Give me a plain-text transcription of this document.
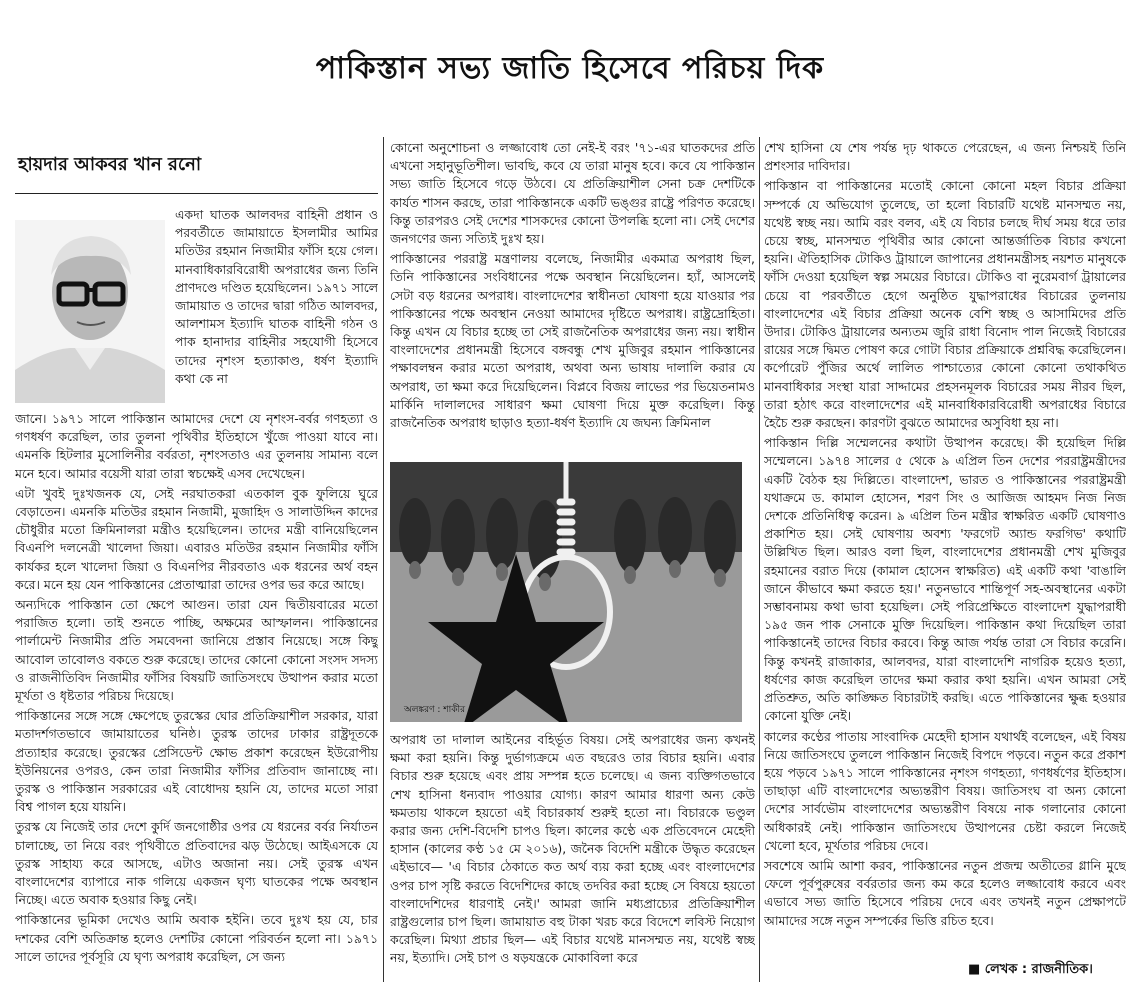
পাকিস্তান সভ্য জাতি হিসেবে পরিচয় দিক
হায়দার আকবর খান রনো
একদা ঘাতক আলবদর বাহিনী প্রধান ও পরবর্তীতে জামায়াতে ইসলামীর আমির মতিউর রহমান নিজামীর ফাঁসি হয়ে গেল। মানবাধিকারবিরোধী অপরাধের জন্য তিনি প্রাণদণ্ডে দণ্ডিত হয়েছিলেন। ১৯৭১ সালে জামায়াত ও তাদের দ্বারা গঠিত আলবদর, আলশামস ইত্যাদি ঘাতক বাহিনী গঠন ও পাক হানাদার বাহিনীর সহযোগী হিসেবে তাদের নৃশংস হত্যাকাণ্ড, ধর্ষণ ইত্যাদি কথা কে না

জানে। ১৯৭১ সালে পাকিস্তান আমাদের দেশে যে নৃশংস-বর্বর গণহত্যা ও গণধর্ষণ করেছিল, তার তুলনা পৃথিবীর ইতিহাসে খুঁজে পাওয়া যাবে না। এমনকি হিটলার মুসোলিনীর বর্বরতা, নৃশংসতাও এর তুলনায় সামান্য বলে মনে হবে। আমার বয়েসী যারা তারা স্বচক্ষেই এসব দেখেছেন।

এটা খুবই দুঃখজনক যে, সেই নরঘাতকরা এতকাল বুক ফুলিয়ে ঘুরে বেড়াতেন। এমনকি মতিউর রহমান নিজামী, মুজাহিদ ও সালাউদ্দিন কাদের চৌধুরীর মতো ক্রিমিনালরা মন্ত্রীও হয়েছিলেন। তাদের মন্ত্রী বানিয়েছিলেন বিএনপি দলনেত্রী খালেদা জিয়া। এবারও মতিউর রহমান নিজামীর ফাঁসি কার্যকর হলে খালেদা জিয়া ও বিএনপির নীরবতাও এক ধরনের অর্থ বহন করে। মনে হয় যেন পাকিস্তানের প্রেতাত্মারা তাদের ওপর ভর করে আছে।

অন্যদিকে পাকিস্তান তো ক্ষেপে আগুন। তারা যেন দ্বিতীয়বারের মতো পরাজিত হলো। তাই শুনতে পাচ্ছি, অক্ষমের আস্ফালন। পাকিস্তানের পার্লামেন্ট নিজামীর প্রতি সমবেদনা জানিয়ে প্রস্তাব নিয়েছে। সঙ্গে কিছু আবোল তাবোলও বকতে শুরু করেছে। তাদের কোনো কোনো সংসদ সদস্য ও রাজনীতিবিদ নিজামীর ফাঁসির বিষয়টি জাতিসংঘে উত্থাপন করার মতো মূর্খতা ও ধৃষ্টতার পরিচয় দিয়েছে।

পাকিস্তানের সঙ্গে সঙ্গে ক্ষেপেছে তুরস্কের ঘোর প্রতিক্রিয়াশীল সরকার, যারা মতাদর্শগতভাবে জামায়াতের ঘনিষ্ঠ। তুরস্ক তাদের ঢাকার রাষ্ট্রদূতকে প্রত্যাহার করেছে। তুরস্কের প্রেসিডেন্ট ক্ষোভ প্রকাশ করেছেন ইউরোপীয় ইউনিয়নের ওপরও, কেন তারা নিজামীর ফাঁসির প্রতিবাদ জানাচ্ছে না। তুরস্ক ও পাকিস্তান সরকারের এই বোধোদয় হয়নি যে, তাদের মতো সারা বিশ্ব পাগল হয়ে যায়নি।

তুরস্ক যে নিজেই তার দেশে কুর্দি জনগোষ্ঠীর ওপর যে ধরনের বর্বর নির্যাতন চালাচ্ছে, তা নিয়ে বরং পৃথিবীতে প্রতিবাদের ঝড় উঠেছে। আইএসকে যে তুরস্ক সাহায্য করে আসছে, এটাও অজানা নয়। সেই তুরস্ক এখন বাংলাদেশের ব্যাপারে নাক গলিয়ে একজন ঘৃণ্য ঘাতকের পক্ষে অবস্থান নিচ্ছে। এতে অবাক হওয়ার কিছু নেই।

পাকিস্তানের ভূমিকা দেখেও আমি অবাক হইনি। তবে দুঃখ হয় যে, চার দশকের বেশি অতিক্রান্ত হলেও দেশটির কোনো পরিবর্তন হলো না। ১৯৭১ সালে তাদের পূর্বসূরি যে ঘৃণ্য অপরাধ করেছিল, সে জন্য

কোনো অনুশোচনা ও লজ্জাবোধ তো নেই-ই বরং '৭১-এর ঘাতকদের প্রতি এখনো সহানুভূতিশীল। ভাবছি, কবে যে তারা মানুষ হবে। কবে যে পাকিস্তান সভ্য জাতি হিসেবে গড়ে উঠবে। যে প্রতিক্রিয়াশীল সেনা চক্র দেশটিকে কার্যত শাসন করছে, তারা পাকিস্তানকে একটি ভঙ্গুর রাষ্ট্রে পরিণত করেছে। কিন্তু তারপরও সেই দেশের শাসকদের কোনো উপলব্ধি হলো না। সেই দেশের জনগণের জন্য সত্যিই দুঃখ হয়।

পাকিস্তানের পররাষ্ট্র মন্ত্রণালয় বলেছে, নিজামীর একমাত্র অপরাধ ছিল, তিনি পাকিস্তানের সংবিধানের পক্ষে অবস্থান নিয়েছিলেন। হ্যাঁ, আসলেই সেটা বড় ধরনের অপরাধ। বাংলাদেশের স্বাধীনতা ঘোষণা হয়ে যাওয়ার পর পাকিস্তানের পক্ষে অবস্থান নেওয়া আমাদের দৃষ্টিতে অপরাধ। রাষ্ট্রদ্রোহিতা। কিন্তু এখন যে বিচার হচ্ছে তা সেই রাজনৈতিক অপরাধের জন্য নয়। স্বাধীন বাংলাদেশের প্রধানমন্ত্রী হিসেবে বঙ্গবন্ধু শেখ মুজিবুর রহমান পাকিস্তানের পক্ষাবলম্বন করার মতো অপরাধ, অথবা অন্য ভাষায় দালালি করার যে অপরাধ, তা ক্ষমা করে দিয়েছিলেন। বিপ্লবে বিজয় লাভের পর ভিয়েতনামও মার্কিনি দালালদের সাধারণ ক্ষমা ঘোষণা দিয়ে মুক্ত করেছিল। কিন্তু রাজনৈতিক অপরাধ ছাড়াও হত্যা-ধর্ষণ ইত্যাদি যে জঘন্য ক্রিমিনাল

অলঙ্করণ : শাকীর

অপরাধ তা দালাল আইনের বহির্ভূত বিষয়। সেই অপরাধের জন্য কখনই ক্ষমা করা হয়নি। কিন্তু দুর্ভাগ্যক্রমে এত বছরেও তার বিচার হয়নি। এবার বিচার শুরু হয়েছে এবং প্রায় সম্পন্ন হতে চলেছে। এ জন্য ব্যক্তিগতভাবে শেখ হাসিনা ধন্যবাদ পাওয়ার যোগ্য। কারণ আমার ধারণা অন্য কেউ ক্ষমতায় থাকলে হয়তো এই বিচারকার্য শুরুই হতো না। বিচারকে ভণ্ডুল করার জন্য দেশি-বিদেশি চাপও ছিল। কালের কণ্ঠে এক প্রতিবেদনে মেহেদী হাসান (কালের কণ্ঠ ১৫ মে ২০১৬), জনৈক বিদেশি মন্ত্রীকে উদ্ধৃত করেছেন এইভাবে— 'এ বিচার ঠেকাতে কত অর্থ ব্যয় করা হচ্ছে এবং বাংলাদেশের ওপর চাপ সৃষ্টি করতে বিদেশিদের কাছে তদবির করা হচ্ছে সে বিষয়ে হয়তো বাংলাদেশিদের ধারণাই নেই।' আমরা জানি মধ্যপ্রাচ্যের প্রতিক্রিয়াশীল রাষ্ট্রগুলোর চাপ ছিল। জামায়াত বহু টাকা খরচ করে বিদেশে লবিস্ট নিয়োগ করেছিল। মিথ্যা প্রচার ছিল— এই বিচার যথেষ্ট মানসম্মত নয়, যথেষ্ট স্বচ্ছ নয়, ইত্যাদি। সেই চাপ ও ষড়যন্ত্রকে মোকাবিলা করে

শেখ হাসিনা যে শেষ পর্যন্ত দৃঢ় থাকতে পেরেছেন, এ জন্য নিশ্চয়ই তিনি প্রশংসার দাবিদার।

পাকিস্তান বা পাকিস্তানের মতোই কোনো কোনো মহল বিচার প্রক্রিয়া সম্পর্কে যে অভিযোগ তুলেছে, তা হলো বিচারটি যথেষ্ট মানসম্মত নয়, যথেষ্ট স্বচ্ছ নয়। আমি বরং বলব, এই যে বিচার চলছে দীর্ঘ সময় ধরে তার চেয়ে স্বচ্ছ, মানসম্মত পৃথিবীর আর কোনো আন্তর্জাতিক বিচার কখনো হয়নি। ঐতিহাসিক টোকিও ট্রায়ালে জাপানের প্রধানমন্ত্রীসহ নয়শত মানুষকে ফাঁসি দেওয়া হয়েছিল স্বল্প সময়ের বিচারে। টোকিও বা নুরেমবার্গ ট্রায়ালের চেয়ে বা পরবর্তীতে হেগে অনুষ্ঠিত যুদ্ধাপরাধের বিচারের তুলনায় বাংলাদেশের এই বিচার প্রক্রিয়া অনেক বেশি স্বচ্ছ ও আসামিদের প্রতি উদার। টোকিও ট্রায়ালের অন্যতম জুরি রাধা বিনোদ পাল নিজেই বিচারের রায়ের সঙ্গে দ্বিমত পোষণ করে গোটা বিচার প্রক্রিয়াকে প্রশ্নবিদ্ধ করেছিলেন। কর্পোরেট পুঁজির অর্থে লালিত পাশ্চাত্যের কোনো কোনো তথাকথিত মানবাধিকার সংস্থা যারা সাদ্দামের প্রহসনমূলক বিচারের সময় নীরব ছিল, তারা হঠাৎ করে বাংলাদেশের এই মানবাধিকারবিরোধী অপরাধের বিচারে হৈচৈ শুরু করছেন। কারণটা বুঝতে আমাদের অসুবিধা হয় না।

পাকিস্তান দিল্লি সম্মেলনের কথাটা উত্থাপন করেছে। কী হয়েছিল দিল্লি সম্মেলনে। ১৯৭৪ সালের ৫ থেকে ৯ এপ্রিল তিন দেশের পররাষ্ট্রমন্ত্রীদের একটি বৈঠক হয় দিল্লিতে। বাংলাদেশ, ভারত ও পাকিস্তানের পররাষ্ট্রমন্ত্রী যথাক্রমে ড. কামাল হোসেন, শরণ সিং ও আজিজ আহমদ নিজ নিজ দেশকে প্রতিনিধিত্ব করেন। ৯ এপ্রিল তিন মন্ত্রীর স্বাক্ষরিত একটি ঘোষণাও প্রকাশিত হয়। সেই ঘোষণায় অবশ্য 'ফরগেট অ্যান্ড ফরগিভ' কথাটি উল্লিখিত ছিল। আরও বলা ছিল, বাংলাদেশের প্রধানমন্ত্রী শেখ মুজিবুর রহমানের বরাত দিয়ে (কামাল হোসেন স্বাক্ষরিত) এই একটি কথা 'বাঙালি জানে কীভাবে ক্ষমা করতে হয়।' নতুনভাবে শান্তিপূর্ণ সহ-অবস্থানের একটা সম্ভাবনাময় কথা ভাবা হয়েছিল। সেই পরিপ্রেক্ষিতে বাংলাদেশ যুদ্ধাপরাধী ১৯৫ জন পাক সেনাকে মুক্তি দিয়েছিল। পাকিস্তান কথা দিয়েছিল তারা পাকিস্তানেই তাদের বিচার করবে। কিন্তু আজ পর্যন্ত তারা সে বিচার করেনি। কিন্তু কখনই রাজাকার, আলবদর, যারা বাংলাদেশি নাগরিক হয়েও হত্যা, ধর্ষণের কাজ করেছিল তাদের ক্ষমা করার কথা হয়নি। এখন আমরা সেই প্রতিশ্রুত, অতি কাঙ্ক্ষিত বিচারটাই করছি। এতে পাকিস্তানের ক্ষুব্ধ হওয়ার কোনো যুক্তি নেই।

কালের কণ্ঠের পাতায় সাংবাদিক মেহেদী হাসান যথার্থই বলেছেন, এই বিষয় নিয়ে জাতিসংঘে তুললে পাকিস্তান নিজেই বিপদে পড়বে। নতুন করে প্রকাশ হয়ে পড়বে ১৯৭১ সালে পাকিস্তানের নৃশংস গণহত্যা, গণধর্ষণের ইতিহাস। তাছাড়া এটি বাংলাদেশের অভ্যন্তরীণ বিষয়। জাতিসংঘ বা অন্য কোনো দেশের সার্বভৌম বাংলাদেশের অভ্যন্তরীণ বিষয়ে নাক গলানোর কোনো অধিকারই নেই। পাকিস্তান জাতিসংঘে উত্থাপনের চেষ্টা করলে নিজেই খেলো হবে, মূর্খতার পরিচয় দেবে।

সবশেষে আমি আশা করব, পাকিস্তানের নতুন প্রজন্ম অতীতের গ্লানি মুছে ফেলে পূর্বপুরুষের বর্বরতার জন্য কম করে হলেও লজ্জাবোধ করবে এবং এভাবে সভ্য জাতি হিসেবে পরিচয় দেবে এবং তখনই নতুন প্রেক্ষাপটে আমাদের সঙ্গে নতুন সম্পর্কের ভিত্তি রচিত হবে।

■ লেখক : রাজনীতিক।
